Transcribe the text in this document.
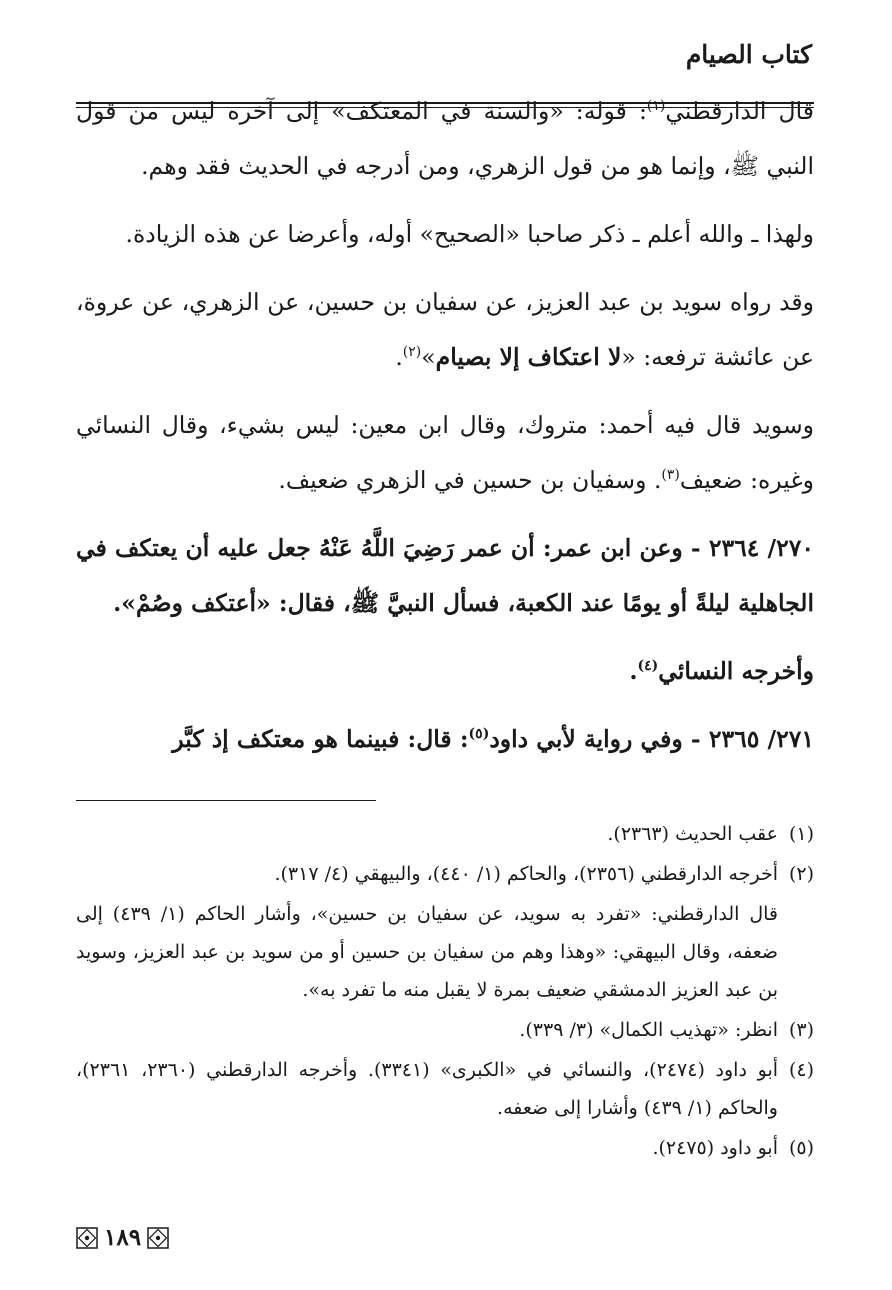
كتاب الصيام

قال الدارقطني$^{(١)}$: قوله: «والسنة في المعتكف» إلى آخره ليس من قول النبي ﷺ، وإنما هو من قول الزهري، ومن أدرجه في الحديث فقد وهم.

ولهذا ـ والله أعلم ـ ذكر صاحبا «الصحيح» أوله، وأعرضا عن هذه الزيادة.

وقد رواه سويد بن عبد العزيز، عن سفيان بن حسين، عن الزهري، عن عروة، عن عائشة ترفعه: «لا اعتكاف إلا بصيام»$^{(٢)}$.

وسويد قال فيه أحمد: متروك، وقال ابن معين: ليس بشيء، وقال النسائي وغيره: ضعيف$^{(٣)}$. وسفيان بن حسين في الزهري ضعيف.

٢٧٠/ ٢٣٦٤ - وعن ابن عمر: أن عمر رَضِيَ اللَّهُ عَنْهُ جعل عليه أن يعتكف في الجاهلية ليلةً أو يومًا عند الكعبة، فسأل النبيَّ ﷺ، فقال: «أعتكف وصُمْ».

وأخرجه النسائي$^{(٤)}$.

٢٧١/ ٢٣٦٥ - وفي رواية لأبي داود$^{(٥)}$: قال: فبينما هو معتكف إذ كبَّر

(١)
عقب الحديث (٢٣٦٣).
(٢)
أخرجه الدارقطني (٢٣٥٦)، والحاكم (١/ ٤٤٠)، والبيهقي (٤/ ٣١٧).
قال الدارقطني: «تفرد به سويد، عن سفيان بن حسين»، وأشار الحاكم (١/ ٤٣٩) إلى ضعفه، وقال البيهقي: «وهذا وهم من سفيان بن حسين أو من سويد بن عبد العزيز، وسويد بن عبد العزيز الدمشقي ضعيف بمرة لا يقبل منه ما تفرد به».
(٣)
انظر: «تهذيب الكمال» (٣/ ٣٣٩).
(٤)
أبو داود (٢٤٧٤)، والنسائي في «الكبرى» (٣٣٤١). وأخرجه الدارقطني (٢٣٦٠، ٢٣٦١)، والحاكم (١/ ٤٣٩) وأشارا إلى ضعفه.
(٥)
أبو داود (٢٤٧٥).
١٨٩
